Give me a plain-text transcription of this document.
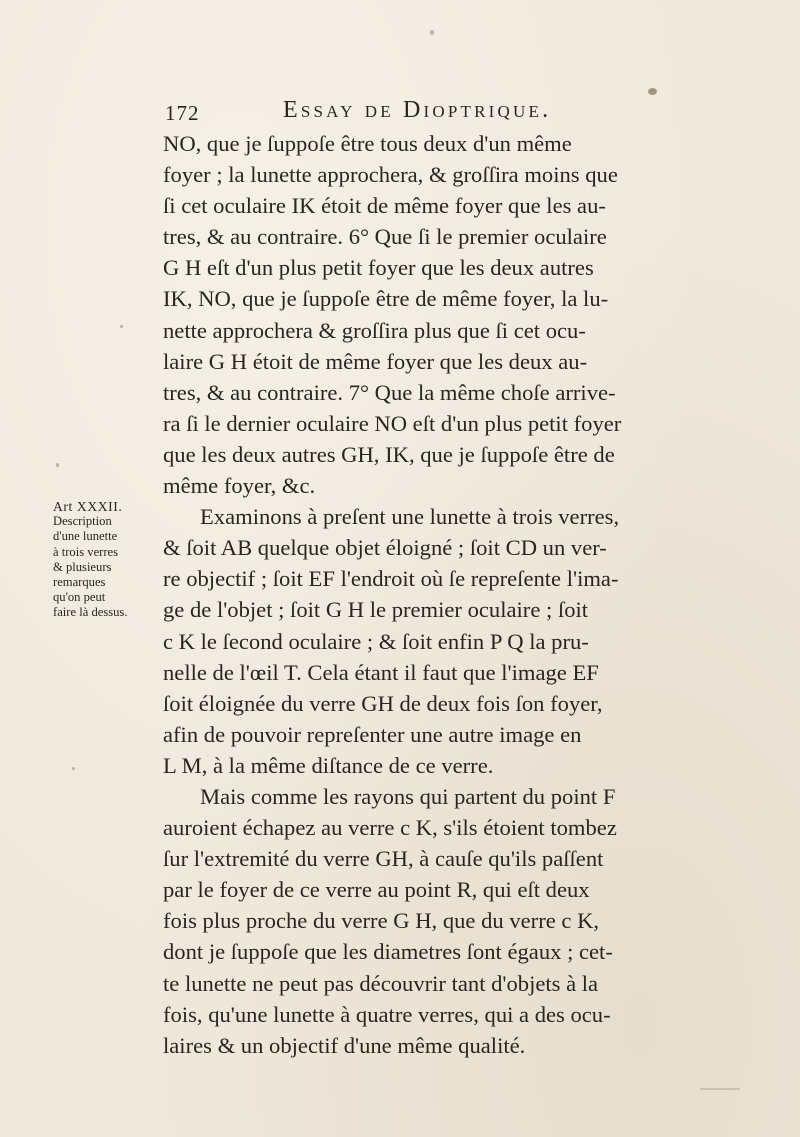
172	Essay de Dioptrique.
Art XXXII.
Description
d'une lunette
à trois verres
& plusieurs
remarques
qu'on peut
faire là dessus.
NO, que je ſuppoſe être tous deux d'un même
foyer ; la lunette approchera, & groſſira moins que
ſi cet oculaire IK étoit de même foyer que les au-
tres, & au contraire. 6° Que ſi le premier oculaire
G H eſt d'un plus petit foyer que les deux autres
IK, NO, que je ſuppoſe être de même foyer, la lu-
nette approchera & groſſira plus que ſi cet ocu-
laire G H étoit de même foyer que les deux au-
tres, & au contraire. 7° Que la même choſe arrive-
ra ſi le dernier oculaire NO eſt d'un plus petit foyer
que les deux autres GH, IK, que je ſuppoſe être de
même foyer, &c.
Examinons à preſent une lunette à trois verres,
& ſoit AB quelque objet éloigné ; ſoit CD un ver-
re objectif ; ſoit EF l'endroit où ſe repreſente l'ima-
ge de l'objet ; ſoit G H le premier oculaire ; ſoit
c K le ſecond oculaire ; & ſoit enfin P Q la pru-
nelle de l'œil T. Cela étant il faut que l'image EF
ſoit éloignée du verre GH de deux fois ſon foyer,
afin de pouvoir repreſenter une autre image en
L M, à la même diſtance de ce verre.
Mais comme les rayons qui partent du point F
auroient échapez au verre c K, s'ils étoient tombez
ſur l'extremité du verre GH, à cauſe qu'ils paſſent
par le foyer de ce verre au point R, qui eſt deux
fois plus proche du verre G H, que du verre c K,
dont je ſuppoſe que les diametres ſont égaux ; cet-
te lunette ne peut pas découvrir tant d'objets à la
fois, qu'une lunette à quatre verres, qui a des ocu-
laires & un objectif d'une même qualité.
